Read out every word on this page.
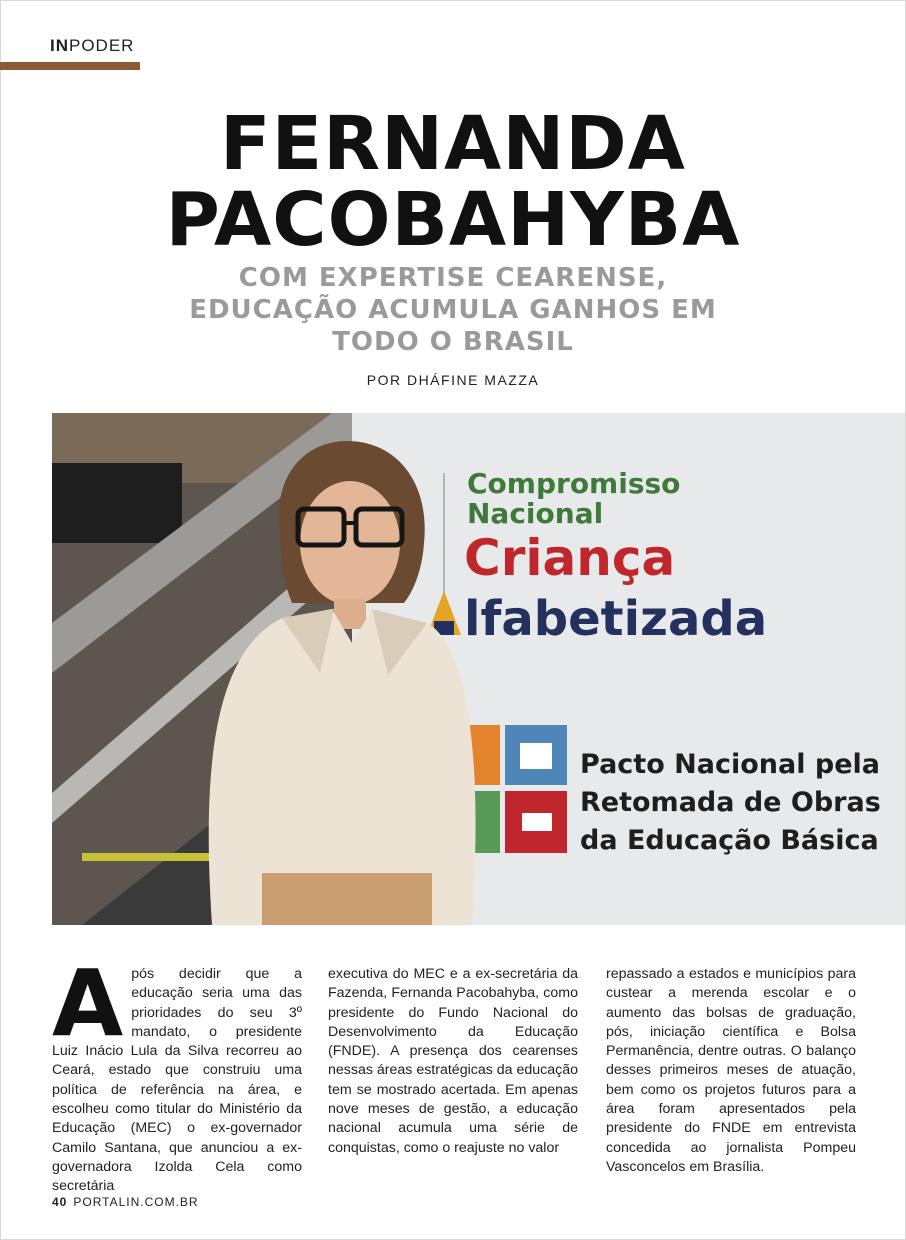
INPODER
FERNANDA
PACOBAHYBA
COM EXPERTISE CEARENSE,
EDUCAÇÃO ACUMULA GANHOS EM
TODO O BRASIL
POR DHÁFINE MAZZA
Compromisso
Nacional
Criança
lfabetizada
Pacto Nacional pela
Retomada de Obras
da Educação Básica
Após decidir que a educação seria uma das prioridades do seu 3º mandato, o presidente Luiz Inácio Lula da Silva recorreu ao Ceará, estado que construiu uma política de referência na área, e escolheu como titular do Ministério da Educação (MEC) o ex-governador Camilo Santana, que anunciou a ex-governadora Izolda Cela como secretária
executiva do MEC e a ex-secretária da Fazenda, Fernanda Pacobahyba, como presidente do Fundo Nacional do Desenvolvimento da Educação (FNDE). A presença dos cearenses nessas áreas estratégicas da educação tem se mostrado acertada. Em apenas nove meses de gestão, a educação nacional acumula uma série de conquistas, como o reajuste no valor
repassado a estados e municípios para custear a merenda escolar e o aumento das bolsas de graduação, pós, iniciação científica e Bolsa Permanência, dentre outras. O balanço desses primeiros meses de atuação, bem como os projetos futuros para a área foram apresentados pela presidente do FNDE em entrevista concedida ao jornalista Pompeu Vasconcelos em Brasília.
40 PORTALIN.COM.BR
